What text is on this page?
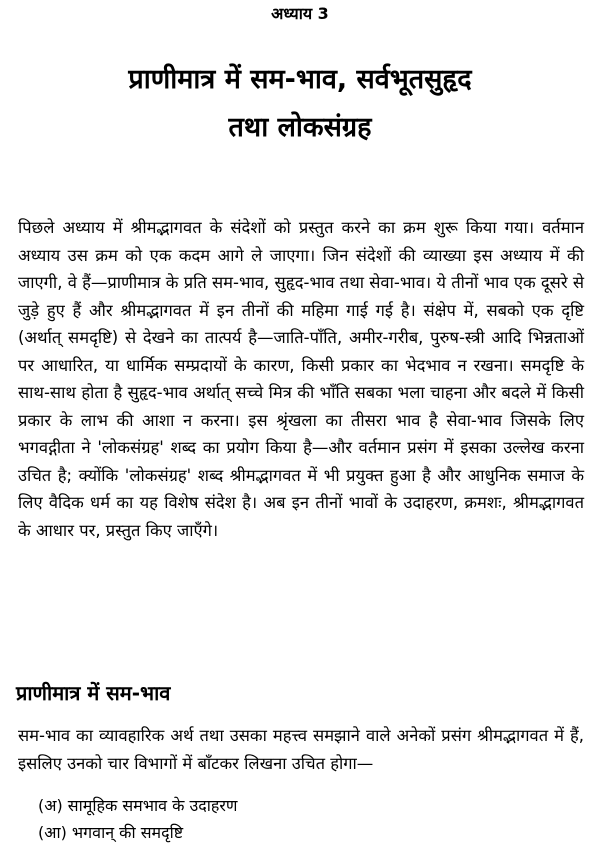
अध्याय 3
प्राणीमात्र में सम-भाव, सर्वभूतसुहृद
तथा लोकसंग्रह

पिछले अध्याय में श्रीमद्भागवत के संदेशों को प्रस्तुत करने का क्रम शुरू किया गया। वर्तमान अध्याय उस क्रम को एक कदम आगे ले जाएगा। जिन संदेशों की व्याख्या इस अध्याय में की जाएगी, वे हैं—प्राणीमात्र के प्रति सम-भाव, सुहृद-भाव तथा सेवा-भाव। ये तीनों भाव एक दूसरे से जुड़े हुए हैं और श्रीमद्भागवत में इन तीनों की महिमा गाई गई है। संक्षेप में, सबको एक दृष्टि (अर्थात् समदृष्टि) से देखने का तात्पर्य है—जाति-पाँति, अमीर-गरीब, पुरुष-स्त्री आदि भिन्नताओं पर आधारित, या धार्मिक सम्प्रदायों के कारण, किसी प्रकार का भेदभाव न रखना। समदृष्टि के साथ-साथ होता है सुहृद-भाव अर्थात् सच्चे मित्र की भाँति सबका भला चाहना और बदले में किसी प्रकार के लाभ की आशा न करना। इस श्रृंखला का तीसरा भाव है सेवा-भाव जिसके लिए भगवद्गीता ने 'लोकसंग्रह' शब्द का प्रयोग किया है—और वर्तमान प्रसंग में इसका उल्लेख करना उचित है; क्योंकि 'लोकसंग्रह' शब्द श्रीमद्भागवत में भी प्रयुक्त हुआ है और आधुनिक समाज के लिए वैदिक धर्म का यह विशेष संदेश है। अब इन तीनों भावों के उदाहरण, क्रमशः, श्रीमद्भागवत के आधार पर, प्रस्तुत किए जाएँगे।

प्राणीमात्र में सम-भाव

सम-भाव का व्यावहारिक अर्थ तथा उसका महत्त्व समझाने वाले अनेकों प्रसंग श्रीमद्भागवत में हैं, इसलिए उनको चार विभागों में बाँटकर लिखना उचित होगा—

(अ) सामूहिक समभाव के उदाहरण
(आ) भगवान् की समदृष्टि
